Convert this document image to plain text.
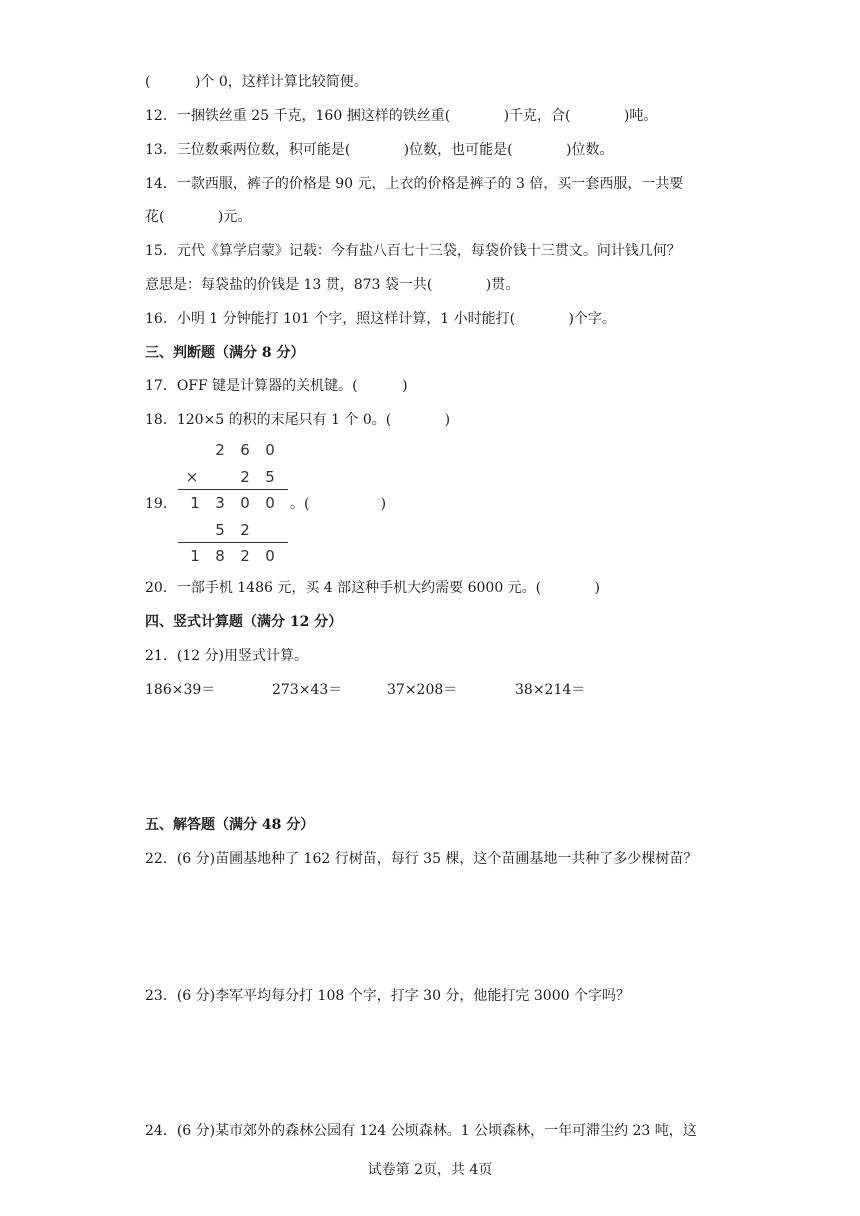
(          )个 0，这样计算比较简便。
12．一捆铁丝重 25 千克，160 捆这样的铁丝重(            )千克，合(            )吨。
13．三位数乘两位数，积可能是(            )位数，也可能是(            )位数。
14．一款西服，裤子的价格是 90 元，上衣的价格是裤子的 3 倍，买一套西服，一共要
花(            )元。
15．元代《算学启蒙》记载：今有盐八百七十三袋，每袋价钱十三贯文。问计钱几何？
意思是：每袋盐的价钱是 13 贯，873 袋一共(            )贯。
16．小明 1 分钟能打 101 个字，照这样计算，1 小时能打(            )个字。
三、判断题（满分 8 分）
17．OFF 键是计算器的关机键。(          )
18．120×5 的积的末尾只有 1 个 0。(            )
19．
2	6	0
×	2	5
1	3	0	0
5	2
1	8	2	0
。(                )
20．一部手机 1486 元，买 4 部这种手机大约需要 6000 元。(            )
四、竖式计算题（满分 12 分）
21．(12 分)用竖式计算。
186×39＝	273×43＝	37×208＝	38×214＝
五、解答题（满分 48 分）
22．(6 分)苗圃基地种了 162 行树苗，每行 35 棵，这个苗圃基地一共种了多少棵树苗？
23．(6 分)李军平均每分打 108 个字，打字 30 分，他能打完 3000 个字吗？
24．(6 分)某市郊外的森林公园有 124 公顷森林。1 公顷森林，一年可滞尘约 23 吨，这
试卷第 2页，共 4页
